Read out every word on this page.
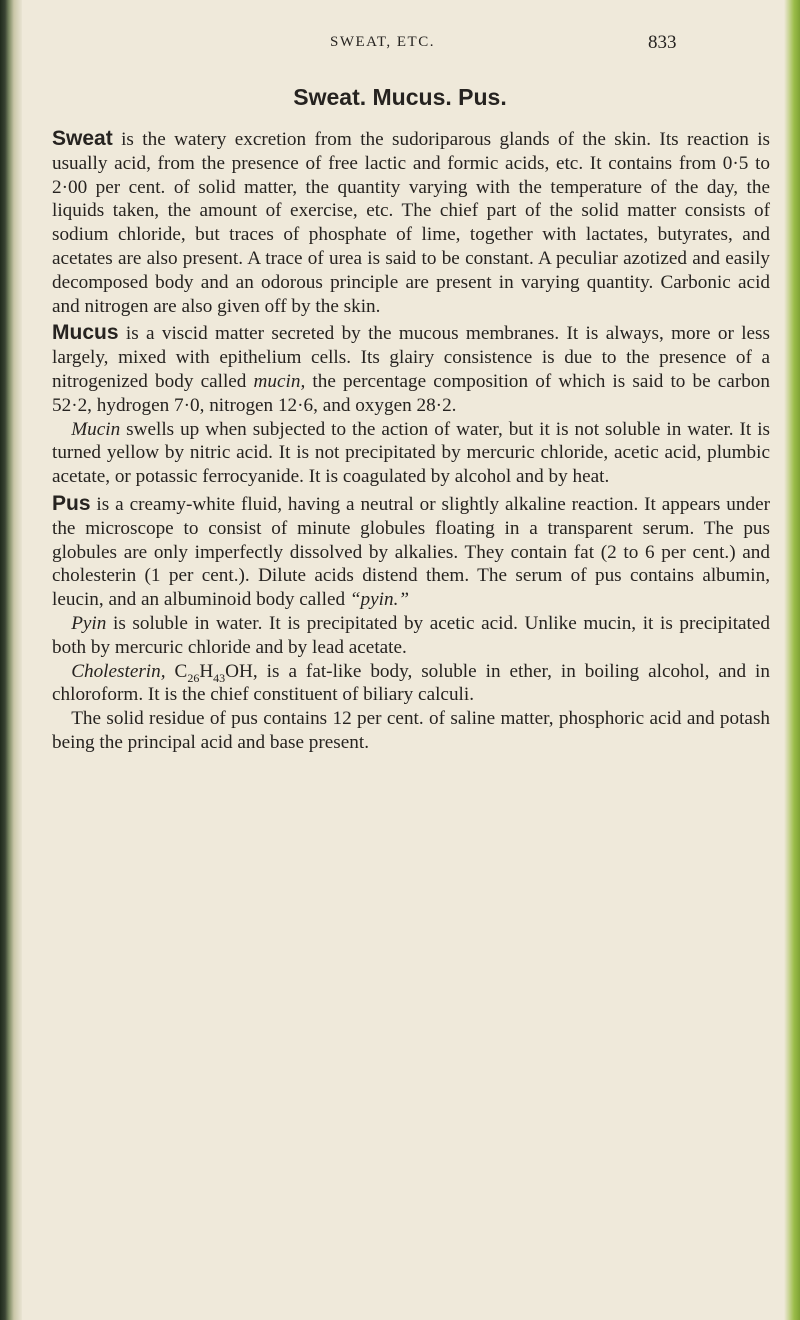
SWEAT, ETC.	833
Sweat. Mucus. Pus.

Sweat is the watery excretion from the sudoriparous glands of the skin. Its reaction is usually acid, from the presence of free lactic and formic acids, etc. It contains from 0·5 to 2·00 per cent. of solid matter, the quantity varying with the temperature of the day, the liquids taken, the amount of exercise, etc. The chief part of the solid matter consists of sodium chloride, but traces of phosphate of lime, together with lactates, butyrates, and acetates are also present. A trace of urea is said to be constant. A peculiar azotized and easily decomposed body and an odorous principle are present in varying quantity. Carbonic acid and nitrogen are also given off by the skin.

Mucus is a viscid matter secreted by the mucous membranes. It is always, more or less largely, mixed with epithelium cells. Its glairy consistence is due to the presence of a nitrogenized body called mucin, the percentage composition of which is said to be carbon 52·2, hydrogen 7·0, nitrogen 12·6, and oxygen 28·2.

 Mucin swells up when subjected to the action of water, but it is not soluble in water. It is turned yellow by nitric acid. It is not precipitated by mercuric chloride, acetic acid, plumbic acetate, or potassic ferrocyanide. It is coagulated by alcohol and by heat.

Pus is a creamy-white fluid, having a neutral or slightly alkaline reaction. It appears under the microscope to consist of minute globules floating in a transparent serum. The pus globules are only imperfectly dissolved by alkalies. They contain fat (2 to 6 per cent.) and cholesterin (1 per cent.). Dilute acids distend them. The serum of pus contains albumin, leucin, and an albuminoid body called “pyin.”

 Pyin is soluble in water. It is precipitated by acetic acid. Unlike mucin, it is precipitated both by mercuric chloride and by lead acetate.

 Cholesterin, $C_{26}H_{43}OH$, is a fat-like body, soluble in ether, in boiling alcohol, and in chloroform. It is the chief constituent of biliary calculi.

 The solid residue of pus contains 12 per cent. of saline matter, phosphoric acid and potash being the principal acid and base present.
